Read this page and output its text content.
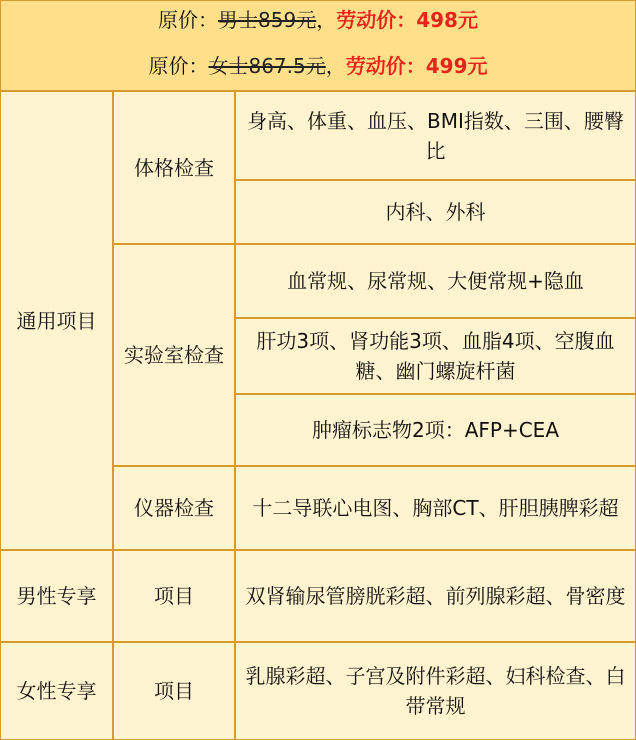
原价：男士859元，劳动价：498元
原价：女士867.5元，劳动价：499元
通用项目	体格检查	身高、体重、血压、BMI指数、三围、腰臀比
		内科、外科
	实验室检查	血常规、尿常规、大便常规+隐血
		肝功3项、肾功能3项、血脂4项、空腹血糖、幽门螺旋杆菌
		肿瘤标志物2项：AFP+CEA
	仪器检查	十二导联心电图、胸部CT、肝胆胰脾彩超
男性专享	项目	双肾输尿管膀胱彩超、前列腺彩超、骨密度
女性专享	项目	乳腺彩超、子宫及附件彩超、妇科检查、白带常规
